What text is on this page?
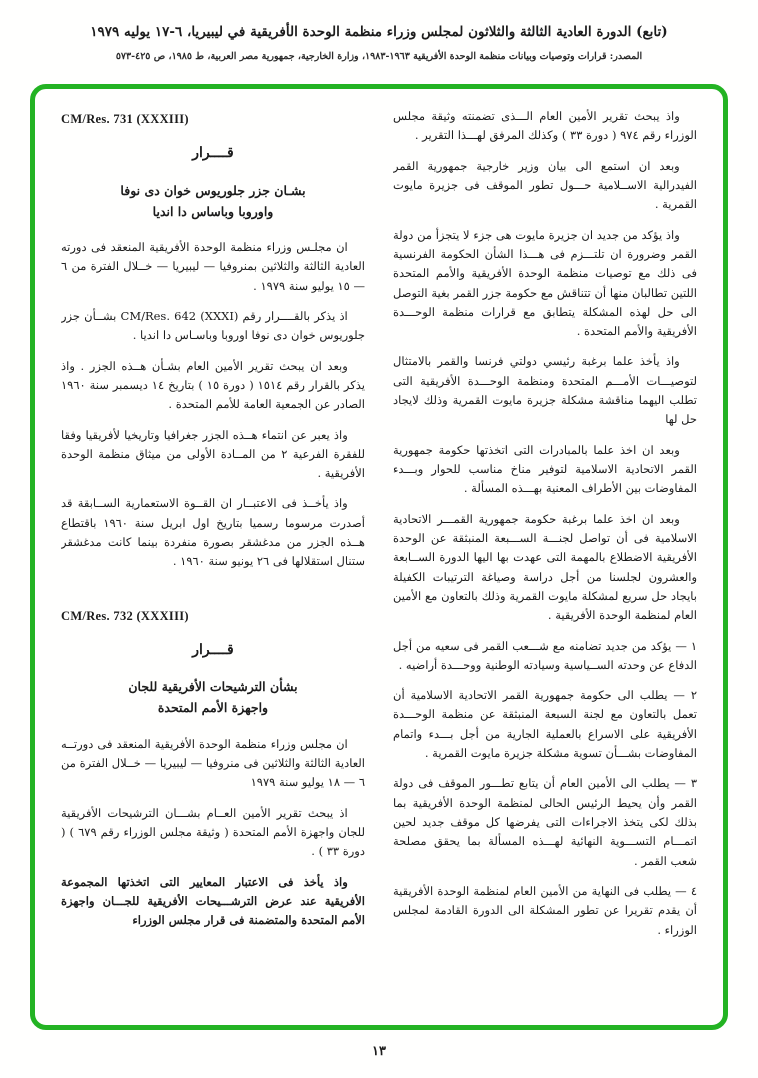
(تابع) الدورة العادية الثالثة والثلاثون لمجلس وزراء منظمة الوحدة الأفريقية في ليبيريا، ٦-١٧ يوليه ١٩٧٩
المصدر: قرارات وتوصيات وبيانات منظمة الوحدة الأفريقية ١٩٦٣-١٩٨٣، وزارة الخارجية، جمهورية مصر العربية، ط ١٩٨٥، ص ٤٢٥-٥٧٣
واذ يبحث تقرير الأمين العام الـــذى تضمنته وثيقة مجلس الوزراء رقم ٩٧٤ ( دورة ٣٣ ) وكذلك المرفق لهـــذا التقرير .
وبعد ان استمع الى بيان وزير خارجية جمهورية القمر الفيدرالية الاســلامية حـــول تطور الموقف فى جزيرة مايوت القمرية .
واذ يؤكد من جديد ان جزيرة مايوت هى جزء لا يتجزأ من دولة القمر وضرورة ان تلتـــزم فى هـــذا الشأن الحكومة الفرنسية فى ذلك مع توصيات منظمة الوحدة الأفريقية والأمم المتحدة اللتين تطالبان منها أن تتناقش مع حكومة جزر القمر بغية التوصل الى حل لهذه المشكلة يتطابق مع قرارات منظمة الوحـــدة الأفريقية والأمم المتحدة .
واذ يأخذ علما برغبة رئيسي دولتي فرنسا والقمر بالامتثال لتوصيـــات الأمـــم المتحدة ومنظمة الوحـــدة الأفريقية التى تطلب اليهما مناقشة مشكلة جزيرة مايوت القمرية وذلك لايجاد حل لها
وبعد ان اخذ علما بالمبادرات التى اتخذتها حكومة جمهورية القمر الاتحادية الاسلامية لتوفير مناخ مناسب للحوار وبـــدء المفاوضات بين الأطراف المعنية بهـــذه المسألة .
وبعد ان اخذ علما برغبة حكومة جمهورية القمـــر الاتحادية الاسلامية فى أن تواصل لجنـــة الســـبعة المنبثقة عن الوحدة الأفريقية الاضطلاع بالمهمة التى عهدت بها اليها الدورة الســابعة والعشرون لجلسنا من أجل دراسة وصياغة الترتيبات الكفيلة بايجاد حل سريع لمشكلة مايوت القمرية وذلك بالتعاون مع الأمين العام لمنظمة الوحدة الأفريقية .
١ — يؤكد من جديد تضامنه مع شـــعب القمر فى سعيه من أجل الدفاع عن وحدته الســياسية وسيادته الوطنية ووحـــدة أراضيه .
٢ — يطلب الى حكومة جمهورية القمر الاتحادية الاسلامية أن تعمل بالتعاون مع لجنة السبعة المنبثقة عن منظمة الوحـــدة الأفريقية على الاسراع بالعملية الجارية من أجل بـــدء واتمام المفاوضات بشـــأن تسوية مشكلة جزيرة مايوت القمرية .
٣ — يطلب الى الأمين العام أن يتابع تطـــور الموقف فى دولة القمر وأن يحيط الرئيس الحالى لمنظمة الوحدة الأفريقية بما بذلك لكى يتخذ الاجراءات التى يفرضها كل موقف جديد لحين اتمـــام التســـوية النهائية لهـــذه المسألة بما يحقق مصلحة شعب القمر .
٤ — يطلب فى النهاية من الأمين العام لمنظمة الوحدة الأفريقية أن يقدم تقريرا عن تطور المشكلة الى الدورة القادمة لمجلس الوزراء .
CM/Res. 731 (XXXIII)
قــــرار
بشـان جزر جلوريوس خوان دى نوفا
واوروبا وباساس دا انديا
ان مجلـس وزراء منظمة الوحدة الأفريقية المنعقد فى دورته العادية الثالثة والثلاثين بمنروفيا — ليبيريا — خــلال الفترة من ٦ — ١٥ يوليو سنة ١٩٧٩ .
اذ يذكر بالقــــرار رقم CM/Res. 642 (XXXI) بشــأن جزر جلوريوس خوان دى نوفا اوروبا وباسـاس دا انديا .
وبعد ان يبحث تقرير الأمين العام بشـأن هــذه الجزر . واذ يذكر بالقرار رقم ١٥١٤ ( دورة ١٥ ) بتاريخ ١٤ ديسمبر سنة ١٩٦٠ الصادر عن الجمعية العامة للأمم المتحدة .
واذ يعبر عن انتماء هــذه الجزر جغرافيا وتاريخيا لأفريقيا وفقا للفقرة الفرعية ٢ من المــادة الأولى من ميثاق منظمة الوحدة الأفريقية .
واذ يأخــذ فى الاعتبــار ان القــوة الاستعمارية الســابقة قد أصدرت مرسوما رسميا بتاريخ اول ابريل سنة ١٩٦٠ باقتطاع هــذه الجزر من مدغشقر بصورة منفردة بينما كانت مدغشقر ستنال استقلالها فى ٢٦ يونيو سنة ١٩٦٠ .
CM/Res. 732 (XXXIII)
قــــرار
بشأن الترشيحات الأفريقية للجان
واجهزة الأمم المتحدة
ان مجلس وزراء منظمة الوحدة الأفريقية المنعقد فى دورتــه العادية الثالثة والثلاثين فى منروفيا — ليبيريا — خــلال الفترة من ٦ — ١٨ يوليو سنة ١٩٧٩
اذ يبحث تقرير الأمين العــام بشـــان الترشيحات الأفريقية للجان واجهزة الأمم المتحدة ( وثيقة مجلس الوزراء رقم ٦٧٩ ) ( دورة ٣٣ ) .
واذ يأخذ فى الاعتبار المعايير التى اتخذتها المجموعة الأفريقية عند عرض الترشـــيحات الأفريقية للجـــان واجهزة الأمم المتحدة والمتضمنة فى قرار مجلس الوزراء
١٣
